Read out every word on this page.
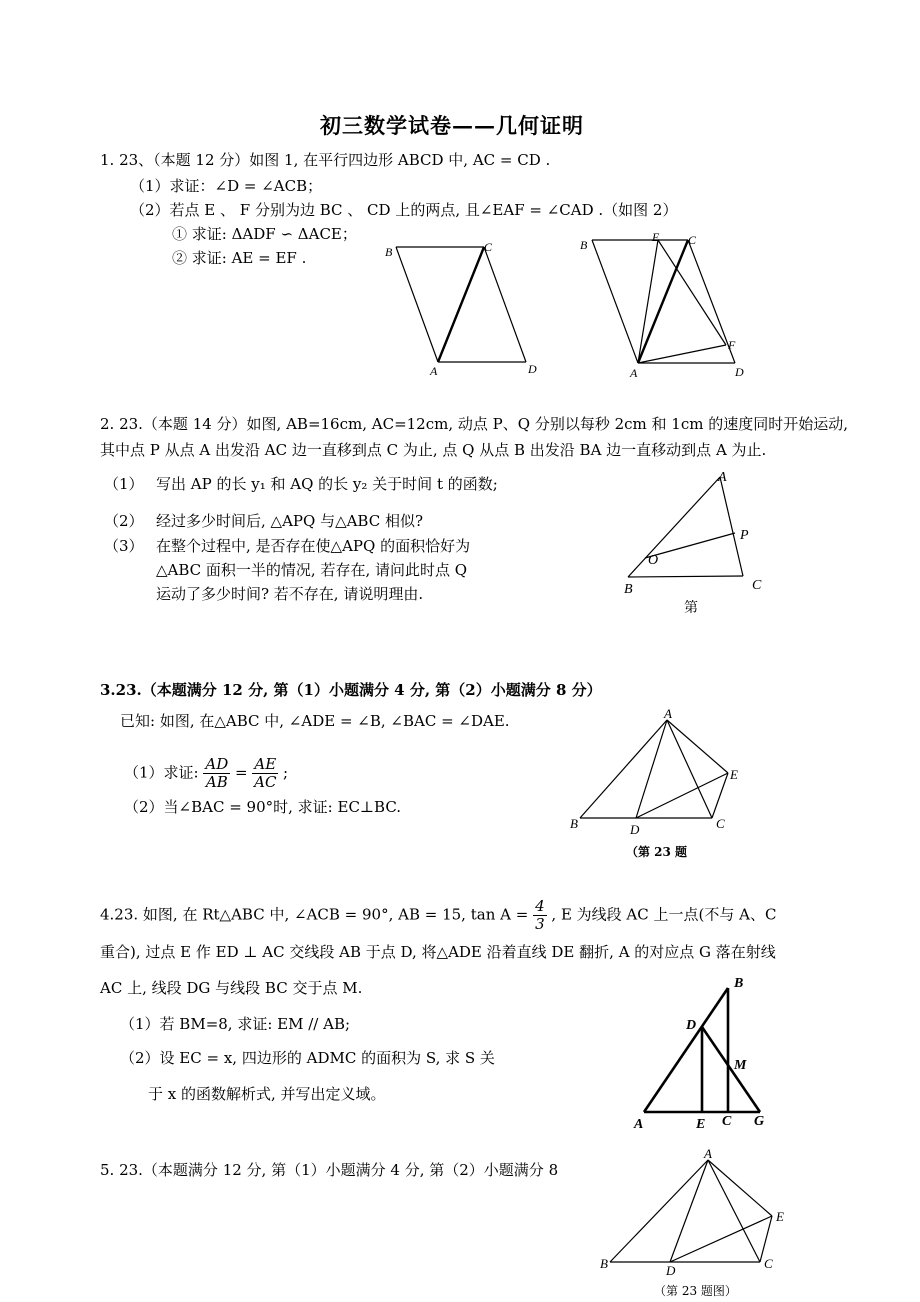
初三数学试卷——几何证明
1. 23、（本题 12 分）如图 1, 在平行四边形 ABCD 中, AC = CD .
（1）求证：∠D = ∠ACB；
（2）若点 E 、 F 分别为边 BC 、 CD 上的两点, 且∠EAF = ∠CAD .（如图 2）
① 求证: ΔADF ∽ ΔACE；
② 求证: AE = EF .	B	C
A	D
B
E C
F
A	D
2. 23.（本题 14 分）如图, AB=16cm, AC=12cm, 动点 P、Q 分别以每秒 2cm 和 1cm 的速度同时开始运动,
其中点 P 从点 A 出发沿 AC 边一直移到点 C 为止, 点 Q 从点 B 出发沿 BA 边一直移动到点 A 为止.
（1） 写出 AP 的长 y₁ 和 AQ 的长 y₂ 关于时间 t 的函数;
（2） 经过多少时间后, △APQ 与△ABC 相似?
（3） 在整个过程中, 是否存在使△APQ 的面积恰好为
△ABC 面积一半的情况, 若存在, 请问此时点 Q
运动了多少时间? 若不存在, 请说明理由.
A
P
O
B	C
第
3.23.（本题满分 12 分, 第（1）小题满分 4 分, 第（2）小题满分 8 分）
已知: 如图, 在△ABC 中, ∠ADE = ∠B, ∠BAC = ∠DAE.
（1）求证: $\frac{AD}{AB} = \frac{AE}{AC}$ ;
（2）当∠BAC = 90°时, 求证: EC⊥BC.
A
E
B	D	C
（第 23 题
4.23. 如图, 在 Rt△ABC 中, ∠ACB = 90°, AB = 15, $\tan A = \frac{4}{3}$ , E 为线段 AC 上一点(不与 A、C
重合), 过点 E 作 ED ⊥ AC 交线段 AB 于点 D, 将△ADE 沿着直线 DE 翻折, A 的对应点 G 落在射线
AC 上, 线段 DG 与线段 BC 交于点 M.
（1）若 BM=8, 求证: EM // AB;
（2）设 EC = x, 四边形的 ADMC 的面积为 S, 求 S 关
于 x 的函数解析式, 并写出定义域。
B
D
M
A	E C G
5. 23.（本题满分 12 分, 第（1）小题满分 4 分, 第（2）小题满分 8
A
E
B	D	C
（第 23 题图）
